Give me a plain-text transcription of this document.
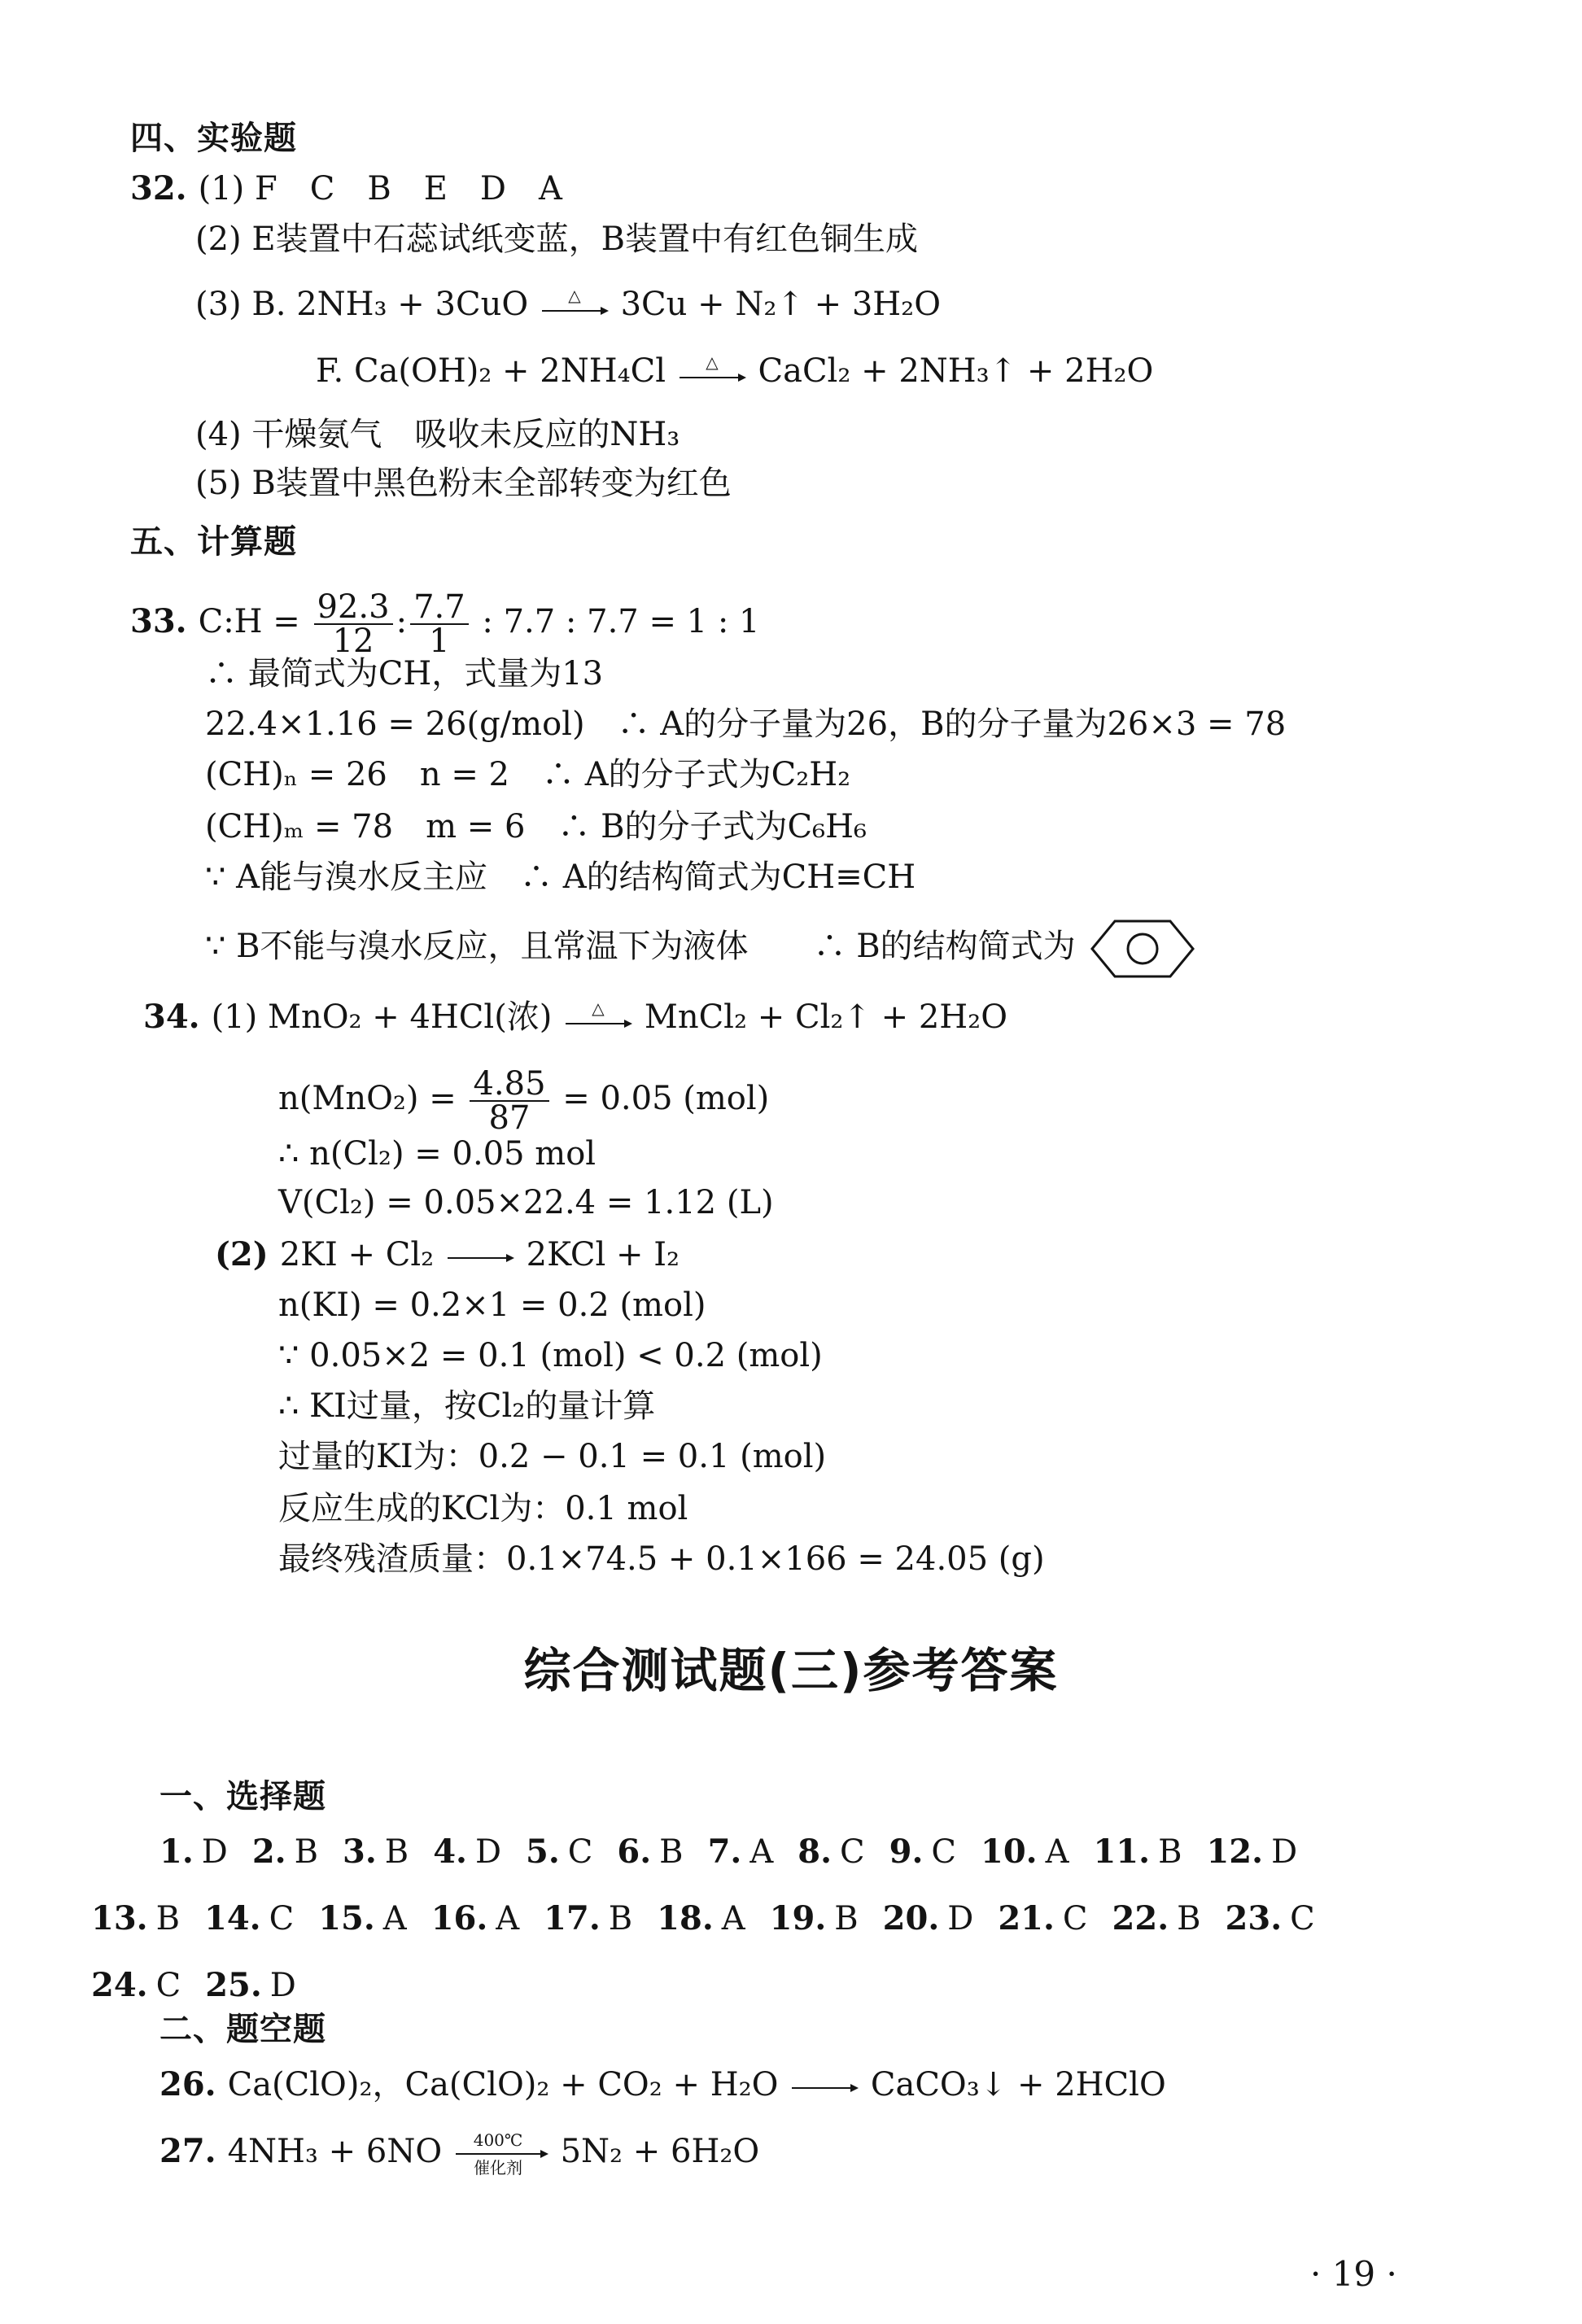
四、实验题
32. (1) F　C　B　E　D　A
(2) E装置中石蕊试纸变蓝，B装置中有红色铜生成
(3) B. 2NH₃ + 3CuO △ 3Cu + N₂↑ + 3H₂O
F. Ca(OH)₂ + 2NH₄Cl △ CaCl₂ + 2NH₃↑ + 2H₂O
(4) 干燥氨气　吸收未反应的NH₃
(5) B装置中黑色粉末全部转变为红色
五、计算题
33. C:H = $\frac{92.3}{12}$ : $\frac{7.7}{1}$ : 7.7 : 7.7 = 1 : 1
∴ 最简式为CH，式量为13
22.4×1.16 = 26(g/mol)　∴ A的分子量为26，B的分子量为26×3 = 78
(CH)ₙ = 26　n = 2　∴ A的分子式为C₂H₂
(CH)ₘ = 78　m = 6　∴ B的分子式为C₆H₆
∵ A能与溴水反主应　∴ A的结构简式为CH≡CH
∵ B不能与溴水反应，且常温下为液体　　∴ B的结构简式为
34. (1) MnO₂ + 4HCl(浓) △ MnCl₂ + Cl₂↑ + 2H₂O
$n(MnO_2) = \frac{4.85}{87} = 0.05$ (mol)
∴ n(Cl₂) = 0.05 mol
V(Cl₂) = 0.05×22.4 = 1.12 (L)
(2) 2KI + Cl₂ → 2KCl + I₂
n(KI) = 0.2×1 = 0.2 (mol)
∵ 0.05×2 = 0.1 (mol) < 0.2 (mol)
∴ KI过量，按Cl₂的量计算
过量的KI为：0.2 − 0.1 = 0.1 (mol)
反应生成的KCl为：0.1 mol
最终残渣质量：0.1×74.5 + 0.1×166 = 24.05 (g)
综合测试题(三)参考答案
一、选择题
1. D 2. B 3. B 4. D 5. C 6. B 7. A 8. C 9. C 10. A 11. B 12. D
13. B 14. C 15. A 16. A 17. B 18. A 19. B 20. D 21. C 22. B 23. C
24. C 25. D
二、题空题
26. Ca(ClO)₂，Ca(ClO)₂ + CO₂ + H₂O → CaCO₃↓ + 2HClO
27. 4NH₃ + 6NO 400℃
催化剂 5N₂ + 6H₂O
· 19 ·
